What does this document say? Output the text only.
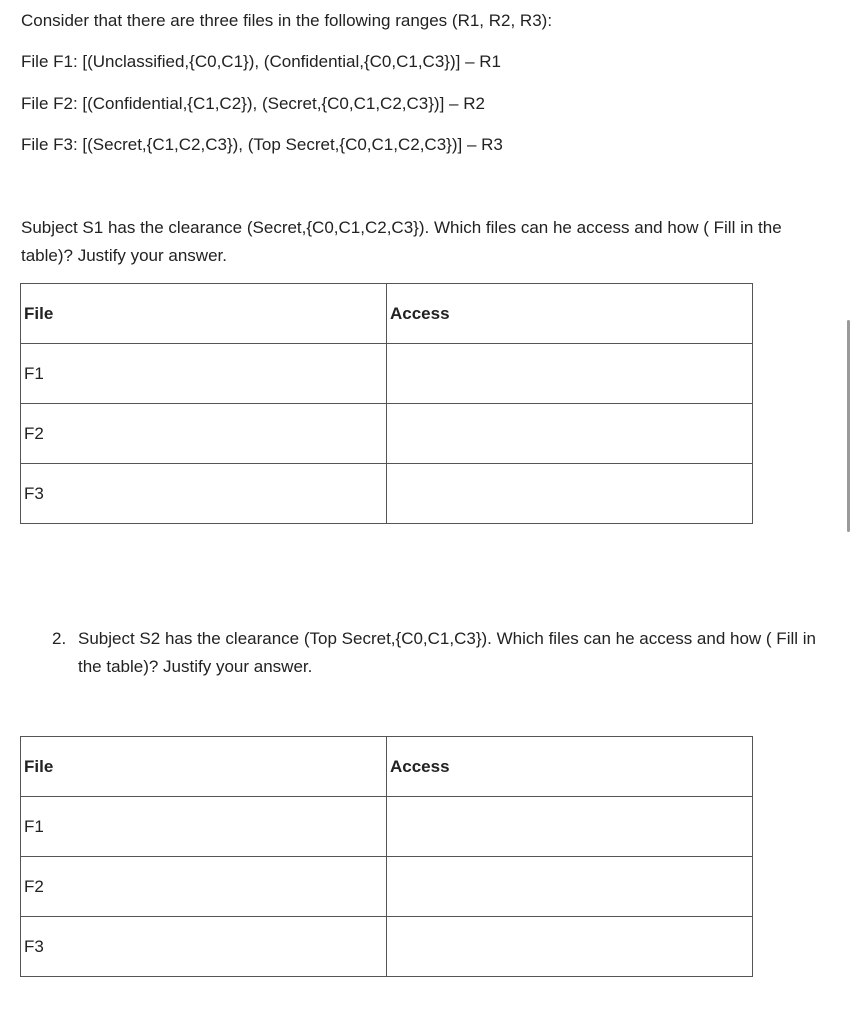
Consider that there are three files in the following ranges (R1, R2, R3):
File F1: [(Unclassified,{C0,C1}), (Confidential,{C0,C1,C3})] – R1
File F2: [(Confidential,{C1,C2}), (Secret,{C0,C1,C2,C3})] – R2
File F3: [(Secret,{C1,C2,C3}), (Top Secret,{C0,C1,C2,C3})] – R3
Subject S1 has the clearance (Secret,{C0,C1,C2,C3}). Which files can he access and how ( Fill in the table)? Justify your answer.
File	Access
F1	
F2	
F3	
2. Subject S2 has the clearance (Top Secret,{C0,C1,C3}). Which files can he access and how ( Fill in the table)? Justify your answer.
File	Access
F1	
F2	
F3	
